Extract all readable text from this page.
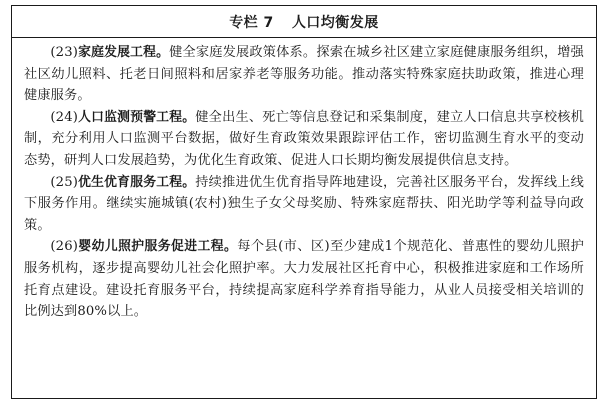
专栏 7 人口均衡发展

(23)家庭发展工程。健全家庭发展政策体系。探索在城乡社区建立家庭健康服务组织，增强社区幼儿照料、托老日间照料和居家养老等服务功能。推动落实特殊家庭扶助政策，推进心理健康服务。

(24)人口监测预警工程。健全出生、死亡等信息登记和采集制度，建立人口信息共享校核机制，充分利用人口监测平台数据，做好生育政策效果跟踪评估工作，密切监测生育水平的变动态势，研判人口发展趋势，为优化生育政策、促进人口长期均衡发展提供信息支持。

(25)优生优育服务工程。持续推进优生优育指导阵地建设，完善社区服务平台，发挥线上线下服务作用。继续实施城镇(农村)独生子女父母奖励、特殊家庭帮扶、阳光助学等利益导向政策。

(26)婴幼儿照护服务促进工程。每个县(市、区)至少建成1个规范化、普惠性的婴幼儿照护服务机构，逐步提高婴幼儿社会化照护率。大力发展社区托育中心，积极推进家庭和工作场所托育点建设。建设托育服务平台，持续提高家庭科学养育指导能力，从业人员接受相关培训的比例达到80%以上。
